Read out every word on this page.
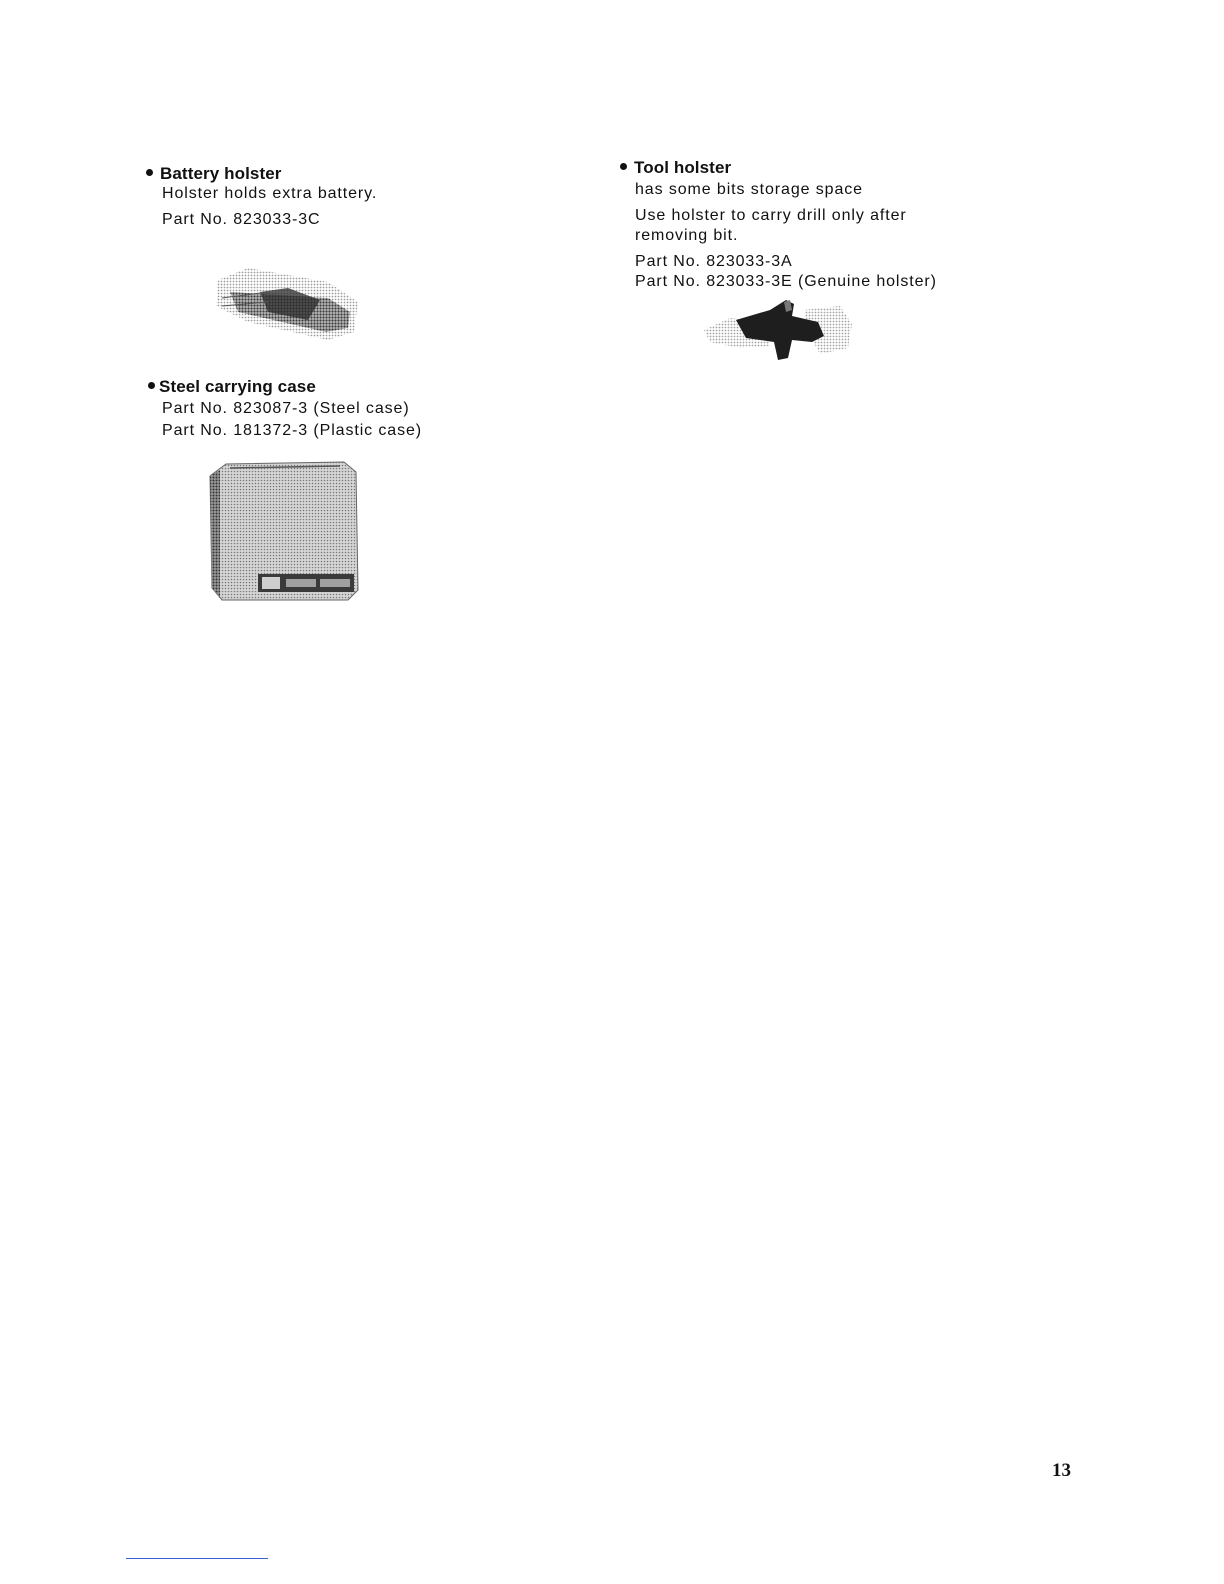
Battery holster

Holster holds extra battery.

Part No. 823033-3C

Steel carrying case

Part No. 823087-3 (Steel case)

Part No. 181372-3 (Plastic case)

Tool holster

has some bits storage space

Use holster to carry drill only after

removing bit.

Part No. 823033-3A

Part No. 823033-3E (Genuine holster)

13
